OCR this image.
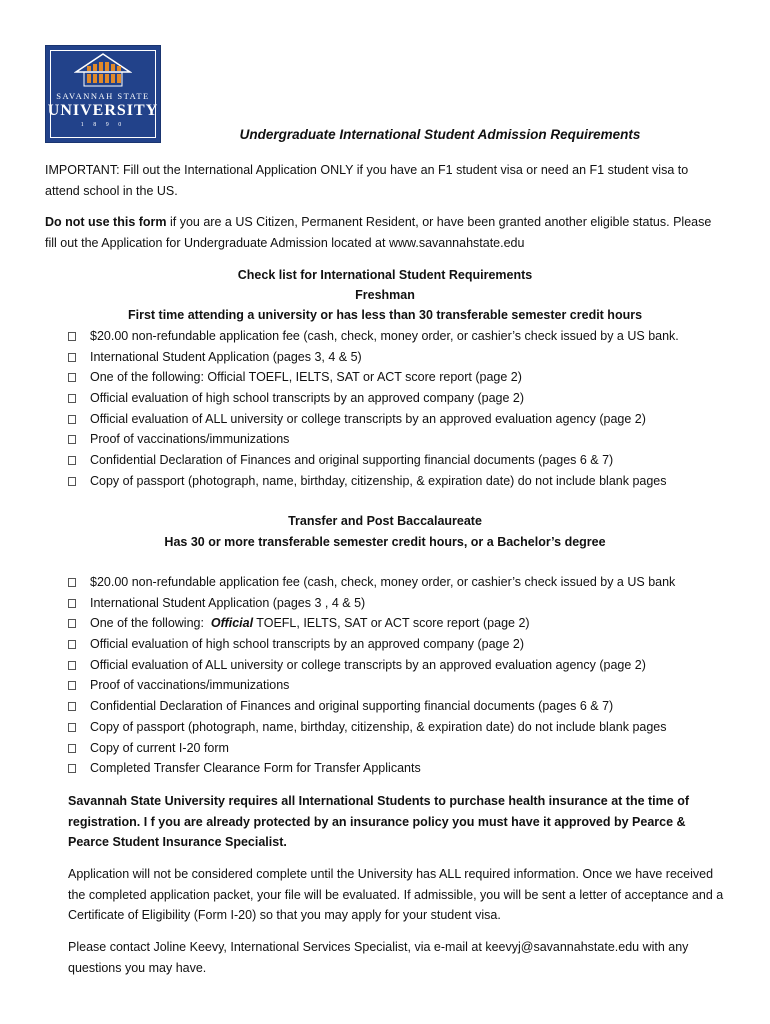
SAVANNAH STATE
UNIVERSITY
1 8 9 0
Undergraduate International Student Admission Requirements
IMPORTANT: Fill out the International Application ONLY if you have an F1 student visa or need an F1 student visa to attend school in the US.
Do not use this form if you are a US Citizen, Permanent Resident, or have been granted another eligible status. Please fill out the Application for Undergraduate Admission located at www.savannahstate.edu
Check list for International Student Requirements
Freshman
First time attending a university or has less than 30 transferable semester credit hours
$20.00 non-refundable application fee (cash, check, money order, or cashier’s check issued by a US bank.
International Student Application (pages 3, 4 & 5)
One of the following: Official TOEFL, IELTS, SAT or ACT score report (page 2)
Official evaluation of high school transcripts by an approved company (page 2)
Official evaluation of ALL university or college transcripts by an approved evaluation agency (page 2)
Proof of vaccinations/immunizations
Confidential Declaration of Finances and original supporting financial documents (pages 6 & 7)
Copy of passport (photograph, name, birthday, citizenship, & expiration date) do not include blank pages
Transfer and Post Baccalaureate
Has 30 or more transferable semester credit hours, or a Bachelor’s degree
$20.00 non-refundable application fee (cash, check, money order, or cashier’s check issued by a US bank
International Student Application (pages 3 , 4 & 5)
One of the following:  Official TOEFL, IELTS, SAT or ACT score report (page 2)
Official evaluation of high school transcripts by an approved company (page 2)
Official evaluation of ALL university or college transcripts by an approved evaluation agency (page 2)
Proof of vaccinations/immunizations
Confidential Declaration of Finances and original supporting financial documents (pages 6 & 7)
Copy of passport (photograph, name, birthday, citizenship, & expiration date) do not include blank pages
Copy of current I-20 form
Completed Transfer Clearance Form for Transfer Applicants
Savannah State University requires all International Students to purchase health insurance at the time of registration. I f you are already protected by an insurance policy you must have it approved by Pearce & Pearce Student Insurance Specialist.
Application will not be considered complete until the University has ALL required information. Once we have received the completed application packet, your file will be evaluated. If admissible, you will be sent a letter of acceptance and a Certificate of Eligibility (Form I-20) so that you may apply for your student visa.
Please contact Joline Keevy, International Services Specialist, via e-mail at keevyj@savannahstate.edu with any questions you may have.
